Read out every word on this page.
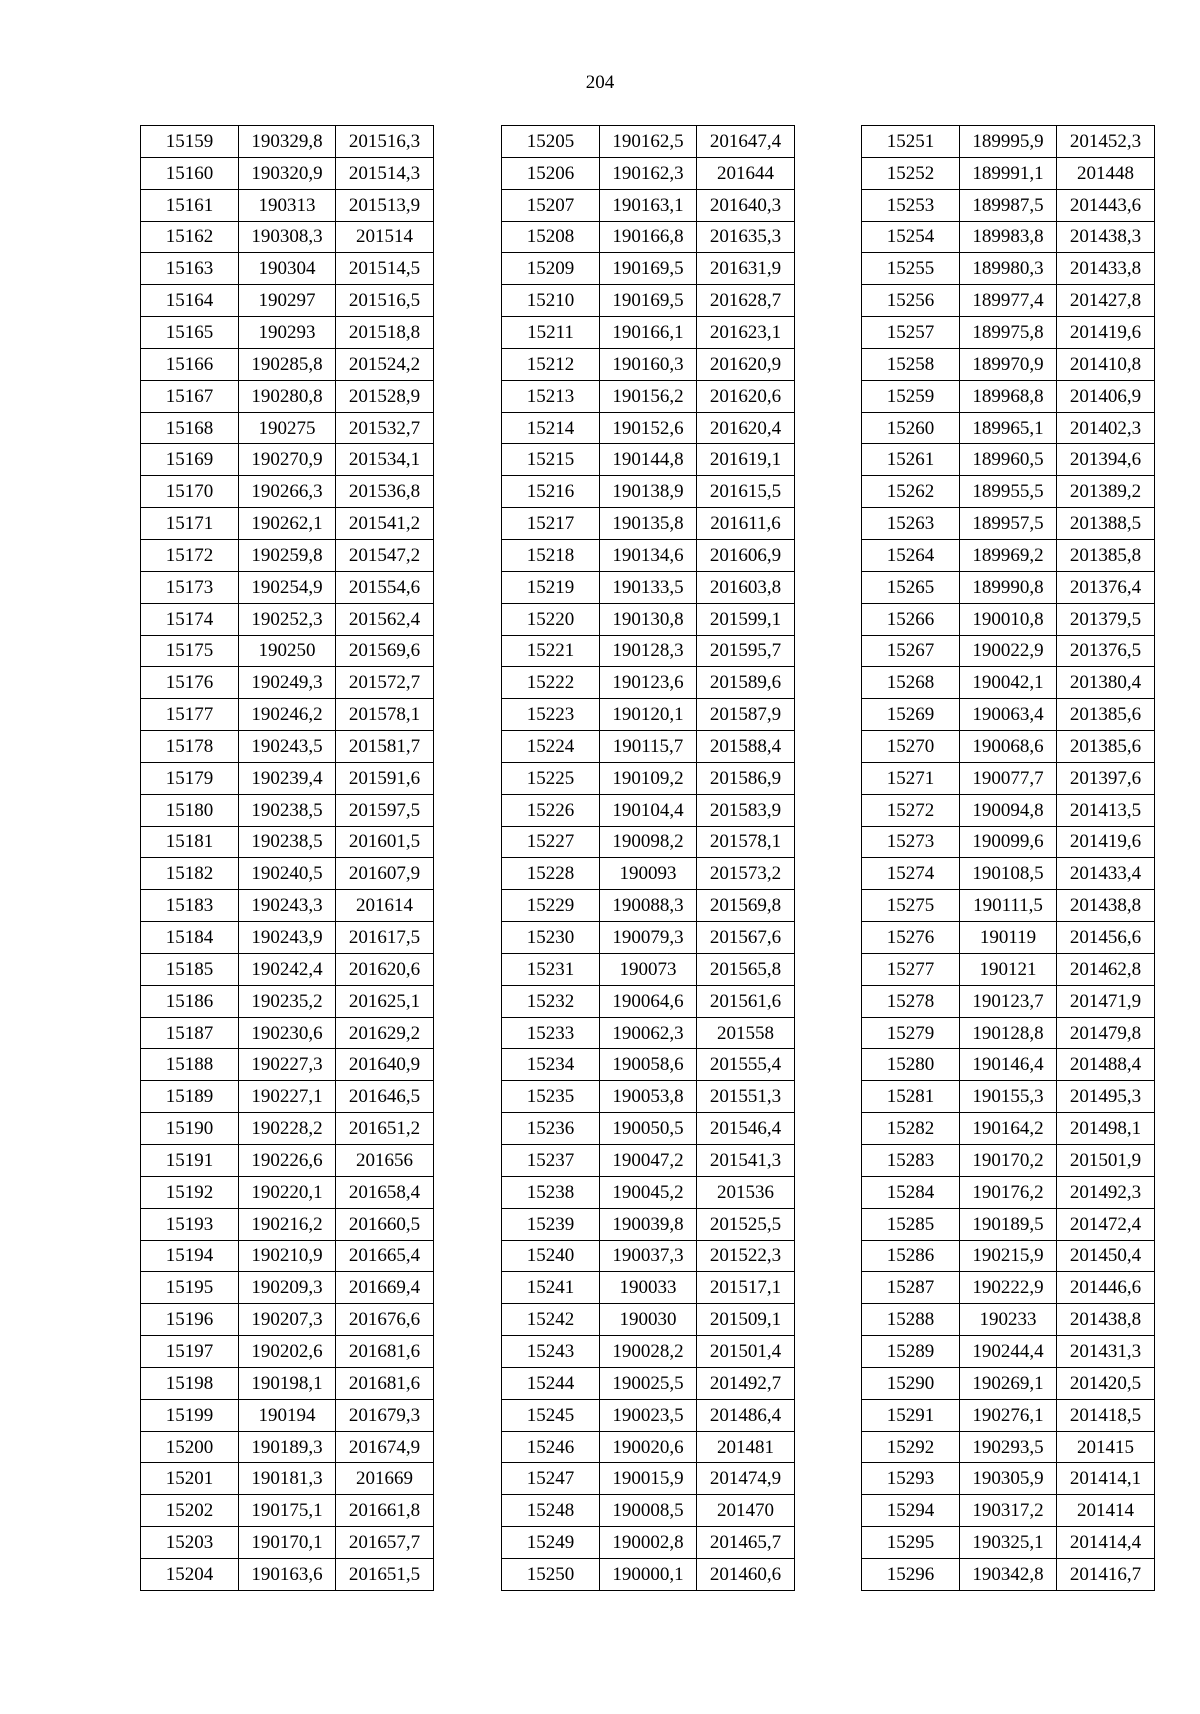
204
15159	190329,8	201516,3
15160	190320,9	201514,3
15161	190313	201513,9
15162	190308,3	201514
15163	190304	201514,5
15164	190297	201516,5
15165	190293	201518,8
15166	190285,8	201524,2
15167	190280,8	201528,9
15168	190275	201532,7
15169	190270,9	201534,1
15170	190266,3	201536,8
15171	190262,1	201541,2
15172	190259,8	201547,2
15173	190254,9	201554,6
15174	190252,3	201562,4
15175	190250	201569,6
15176	190249,3	201572,7
15177	190246,2	201578,1
15178	190243,5	201581,7
15179	190239,4	201591,6
15180	190238,5	201597,5
15181	190238,5	201601,5
15182	190240,5	201607,9
15183	190243,3	201614
15184	190243,9	201617,5
15185	190242,4	201620,6
15186	190235,2	201625,1
15187	190230,6	201629,2
15188	190227,3	201640,9
15189	190227,1	201646,5
15190	190228,2	201651,2
15191	190226,6	201656
15192	190220,1	201658,4
15193	190216,2	201660,5
15194	190210,9	201665,4
15195	190209,3	201669,4
15196	190207,3	201676,6
15197	190202,6	201681,6
15198	190198,1	201681,6
15199	190194	201679,3
15200	190189,3	201674,9
15201	190181,3	201669
15202	190175,1	201661,8
15203	190170,1	201657,7
15204	190163,6	201651,5
15205	190162,5	201647,4
15206	190162,3	201644
15207	190163,1	201640,3
15208	190166,8	201635,3
15209	190169,5	201631,9
15210	190169,5	201628,7
15211	190166,1	201623,1
15212	190160,3	201620,9
15213	190156,2	201620,6
15214	190152,6	201620,4
15215	190144,8	201619,1
15216	190138,9	201615,5
15217	190135,8	201611,6
15218	190134,6	201606,9
15219	190133,5	201603,8
15220	190130,8	201599,1
15221	190128,3	201595,7
15222	190123,6	201589,6
15223	190120,1	201587,9
15224	190115,7	201588,4
15225	190109,2	201586,9
15226	190104,4	201583,9
15227	190098,2	201578,1
15228	190093	201573,2
15229	190088,3	201569,8
15230	190079,3	201567,6
15231	190073	201565,8
15232	190064,6	201561,6
15233	190062,3	201558
15234	190058,6	201555,4
15235	190053,8	201551,3
15236	190050,5	201546,4
15237	190047,2	201541,3
15238	190045,2	201536
15239	190039,8	201525,5
15240	190037,3	201522,3
15241	190033	201517,1
15242	190030	201509,1
15243	190028,2	201501,4
15244	190025,5	201492,7
15245	190023,5	201486,4
15246	190020,6	201481
15247	190015,9	201474,9
15248	190008,5	201470
15249	190002,8	201465,7
15250	190000,1	201460,6
15251	189995,9	201452,3
15252	189991,1	201448
15253	189987,5	201443,6
15254	189983,8	201438,3
15255	189980,3	201433,8
15256	189977,4	201427,8
15257	189975,8	201419,6
15258	189970,9	201410,8
15259	189968,8	201406,9
15260	189965,1	201402,3
15261	189960,5	201394,6
15262	189955,5	201389,2
15263	189957,5	201388,5
15264	189969,2	201385,8
15265	189990,8	201376,4
15266	190010,8	201379,5
15267	190022,9	201376,5
15268	190042,1	201380,4
15269	190063,4	201385,6
15270	190068,6	201385,6
15271	190077,7	201397,6
15272	190094,8	201413,5
15273	190099,6	201419,6
15274	190108,5	201433,4
15275	190111,5	201438,8
15276	190119	201456,6
15277	190121	201462,8
15278	190123,7	201471,9
15279	190128,8	201479,8
15280	190146,4	201488,4
15281	190155,3	201495,3
15282	190164,2	201498,1
15283	190170,2	201501,9
15284	190176,2	201492,3
15285	190189,5	201472,4
15286	190215,9	201450,4
15287	190222,9	201446,6
15288	190233	201438,8
15289	190244,4	201431,3
15290	190269,1	201420,5
15291	190276,1	201418,5
15292	190293,5	201415
15293	190305,9	201414,1
15294	190317,2	201414
15295	190325,1	201414,4
15296	190342,8	201416,7
